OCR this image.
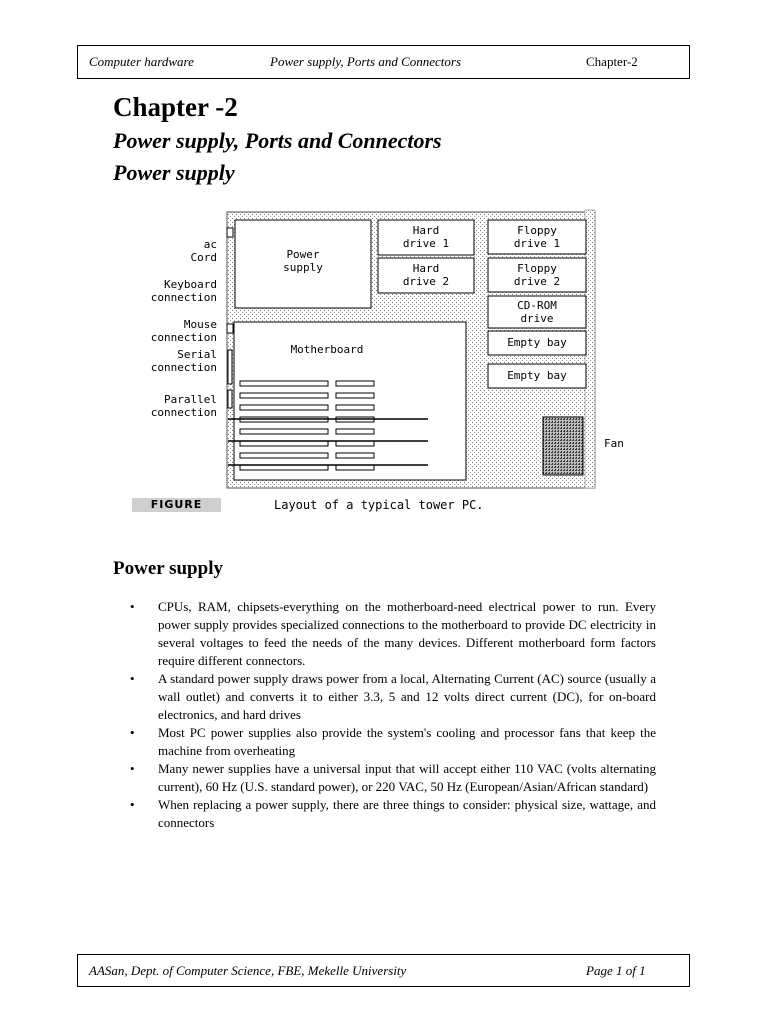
Computer hardware	Power supply, Ports and Connectors	Chapter-2
Chapter -2
Power supply, Ports and Connectors
Power supply
ac
Cord
Keyboard
connection
Mouse
connection
Serial
connection
Parallel
connection
Power
supply
Hard
drive 1
Hard
drive 2
Floppy
drive 1
Floppy
drive 2
CD-ROM
drive
Empty bay
Empty bay
Motherboard
Fan
FIGURE	Layout of a typical tower PC.
Power supply
• CPUs, RAM, chipsets-everything on the motherboard-need electrical power to run. Every power supply provides specialized connections to the motherboard to provide DC electricity in several voltages to feed the needs of the many devices. Different motherboard form factors require different connectors.
• A standard power supply draws power from a local, Alternating Current (AC) source (usually a wall outlet) and converts it to either 3.3, 5 and 12 volts direct current (DC), for on-board electronics, and hard drives
• Most PC power supplies also provide the system's cooling and processor fans that keep the machine from overheating
• Many newer supplies have a universal input that will accept either 110 VAC (volts alternating current), 60 Hz (U.S. standard power), or 220 VAC, 50 Hz (European/Asian/African standard)
• When replacing a power supply, there are three things to consider: physical size, wattage, and connectors
AASan, Dept. of Computer Science, FBE, Mekelle University	Page 1 of 1
